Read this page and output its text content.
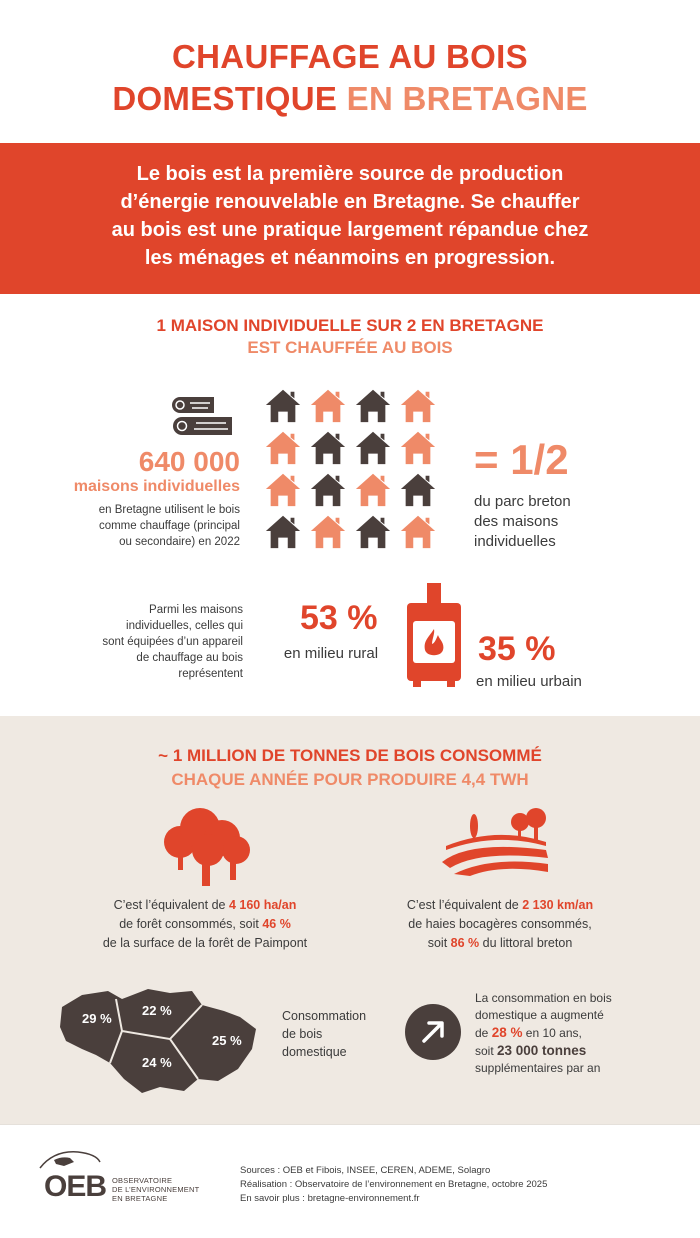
CHAUFFAGE AU BOIS
DOMESTIQUE EN BRETAGNE
Le bois est la première source de production
d’énergie renouvelable en Bretagne. Se chauffer
au bois est une pratique largement répandue chez
les ménages et néanmoins en progression.
1 MAISON INDIVIDUELLE SUR 2 EN BRETAGNE
EST CHAUFFÉE AU BOIS
640 000
maisons individuelles
en Bretagne utilisent le bois
comme chauffage (principal
ou secondaire) en 2022
= 1/2
du parc breton
des maisons
individuelles
Parmi les maisons
individuelles, celles qui
sont équipées d’un appareil
de chauffage au bois
représentent
53 %
en milieu rural	35 %
en milieu urbain
~ 1 MILLION DE TONNES DE BOIS CONSOMMÉ
CHAQUE ANNÉE POUR PRODUIRE 4,4 TWH
C’est l’équivalent de 4 160 ha/an
de forêt consommés, soit 46 %
de la surface de la forêt de Paimpont
C’est l’équivalent de 2 130 km/an
de haies bocagères consommés,
soit 86 % du littoral breton
29 %
22 %
24 %
25 %
Consommation
de bois
domestique
La consommation en bois
domestique a augmenté
de 28 % en 10 ans,
soit 23 000 tonnes
supplémentaires par an
OEB OBSERVATOIRE
DE L’ENVIRONNEMENT
EN BRETAGNE
Sources : OEB et Fibois, INSEE, CEREN, ADEME, Solagro
Réalisation : Observatoire de l’environnement en Bretagne, octobre 2025
En savoir plus : bretagne-environnement.fr
